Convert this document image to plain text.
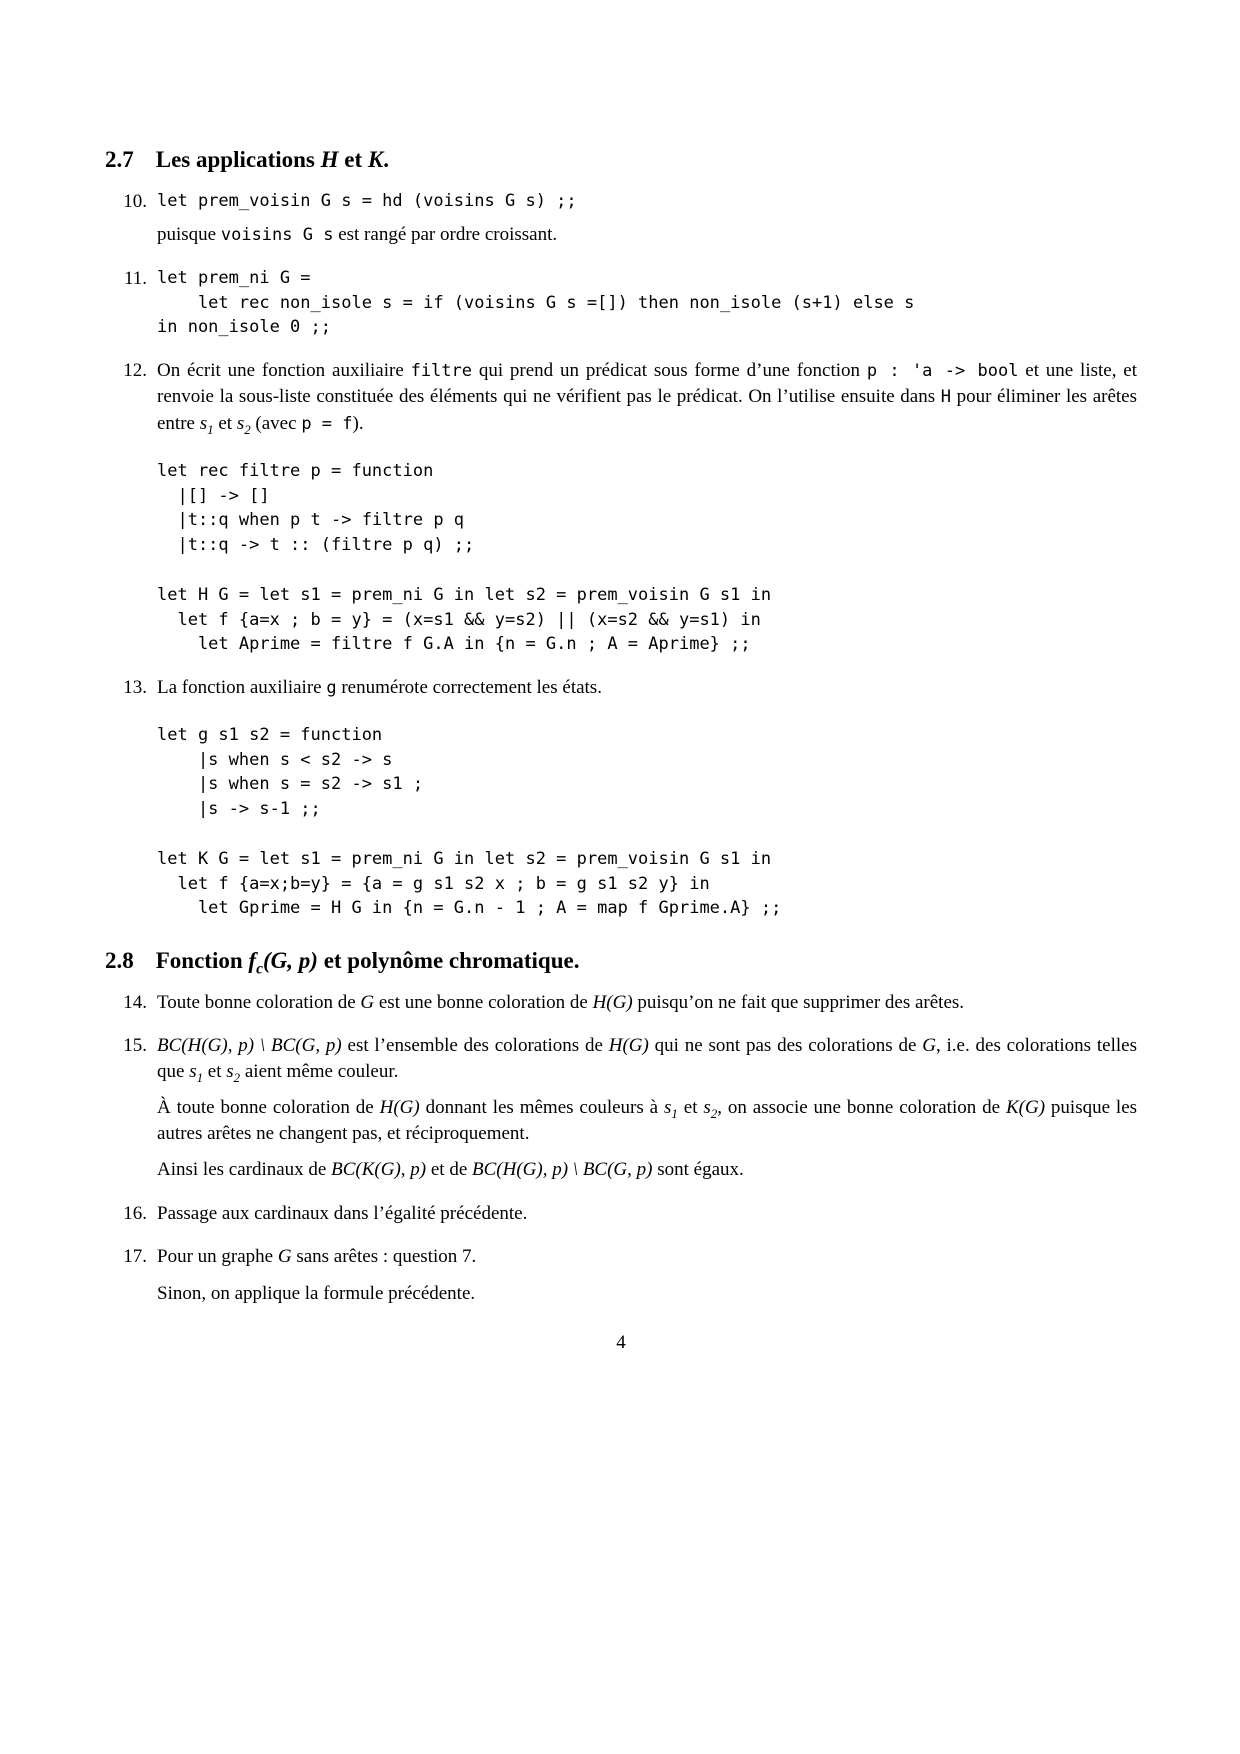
2.7 Les applications H et K.
10. let prem_voisin G s = hd (voisins G s) ;;
puisque voisins G s est rangé par ordre croissant.
11. let prem_ni G =
let rec non_isole s = if (voisins G s =[]) then non_isole (s+1) else s
in non_isole 0 ;;
12. On écrit une fonction auxiliaire filtre qui prend un prédicat sous forme d’une fonction p : 'a -> bool et une liste, et renvoie la sous-liste constituée des éléments qui ne vérifient pas le prédicat. On l’utilise ensuite dans H pour éliminer les arêtes entre $s_1$ et $s_2$ (avec p = f).
let rec filtre p = function
|[] -> []
|t::q when p t -> filtre p q
|t::q -> t :: (filtre p q) ;;
let H G = let s1 = prem_ni G in let s2 = prem_voisin G s1 in
let f {a=x ; b = y} = (x=s1 && y=s2) || (x=s2 && y=s1) in
let Aprime = filtre f G.A in {n = G.n ; A = Aprime} ;;
13. La fonction auxiliaire g renumérote correctement les états.
let g s1 s2 = function
|s when s < s2 -> s
|s when s = s2 -> s1 ;
|s -> s-1 ;;
let K G = let s1 = prem_ni G in let s2 = prem_voisin G s1 in
let f {a=x;b=y} = {a = g s1 s2 x ; b = g s1 s2 y} in
let Gprime = H G in {n = G.n - 1 ; A = map f Gprime.A} ;;
2.8 Fonction $f_c(G$, p) et polynôme chromatique.
14. Toute bonne coloration de G est une bonne coloration de H(G) puisqu’on ne fait que supprimer des arêtes.
15. BC(H(G), p) \ BC(G, p) est l’ensemble des colorations de H(G) qui ne sont pas des colorations de G, i.e. des colorations telles que $s_1$ et $s_2$ aient même couleur.
À toute bonne coloration de H(G) donnant les mêmes couleurs à $s_1$ et $s_2$, on associe une bonne coloration de K(G) puisque les autres arêtes ne changent pas, et réciproquement.
Ainsi les cardinaux de BC(K(G), p) et de BC(H(G), p) \ BC(G, p) sont égaux.
16. Passage aux cardinaux dans l’égalité précédente.
17. Pour un graphe G sans arêtes : question 7.
Sinon, on applique la formule précédente.
4
